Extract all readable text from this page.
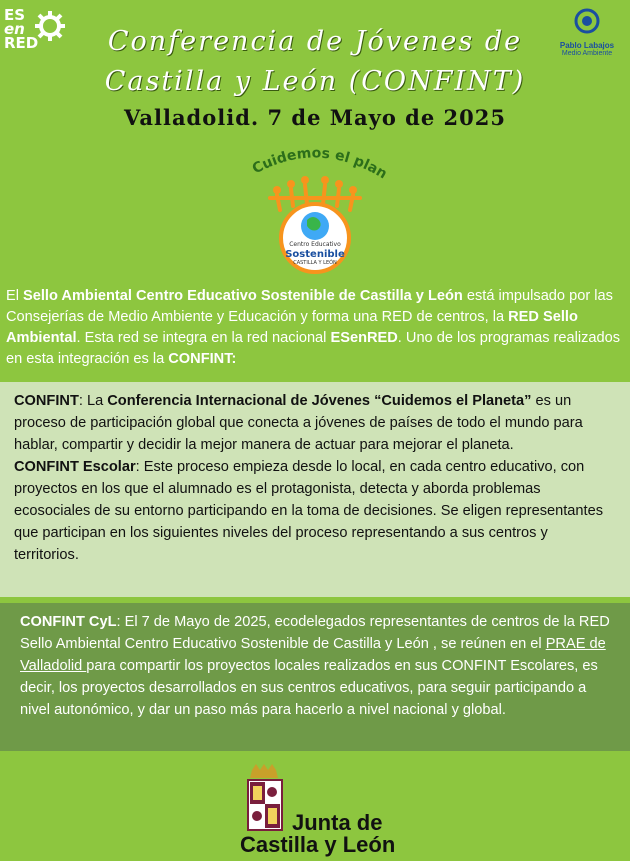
ES
en
RED	Pablo Labajos
Medio Ambiente
Conferencia de Jóvenes de
Castilla y León (CONFINT)
Valladolid. 7 de Mayo de 2025
Cuidemos el plan
Centro Educativo
Sostenible
CASTILLA Y LEÓN
El Sello Ambiental Centro Educativo Sostenible de Castilla y León está impulsado por las Consejerías de Medio Ambiente y Educación y forma una RED de centros, la RED Sello Ambiental. Esta red se integra en la red nacional ESenRED. Uno de los programas realizados en esta integración es la CONFINT:

CONFINT: La Conferencia Internacional de Jóvenes “Cuidemos el Planeta” es un proceso de participación global que conecta a jóvenes de países de todo el mundo para hablar, compartir y decidir la mejor manera de actuar para mejorar el planeta.

CONFINT Escolar: Este proceso empieza desde lo local, en cada centro educativo, con proyectos en los que el alumnado es el protagonista, detecta y aborda problemas ecosociales de su entorno participando en la toma de decisiones. Se eligen representantes que participan en los siguientes niveles del proceso representando a sus centros y territorios.

CONFINT CyL: El 7 de Mayo de 2025, ecodelegados representantes de centros de la RED Sello Ambiental Centro Educativo Sostenible de Castilla y León , se reúnen en el PRAE de Valladolid para compartir los proyectos locales realizados en sus CONFINT Escolares, es decir, los proyectos desarrollados en sus centros educativos, para seguir participando a nivel autonómico, y dar un paso más para hacerlo a nivel nacional y global.
Junta de
Castilla y León
